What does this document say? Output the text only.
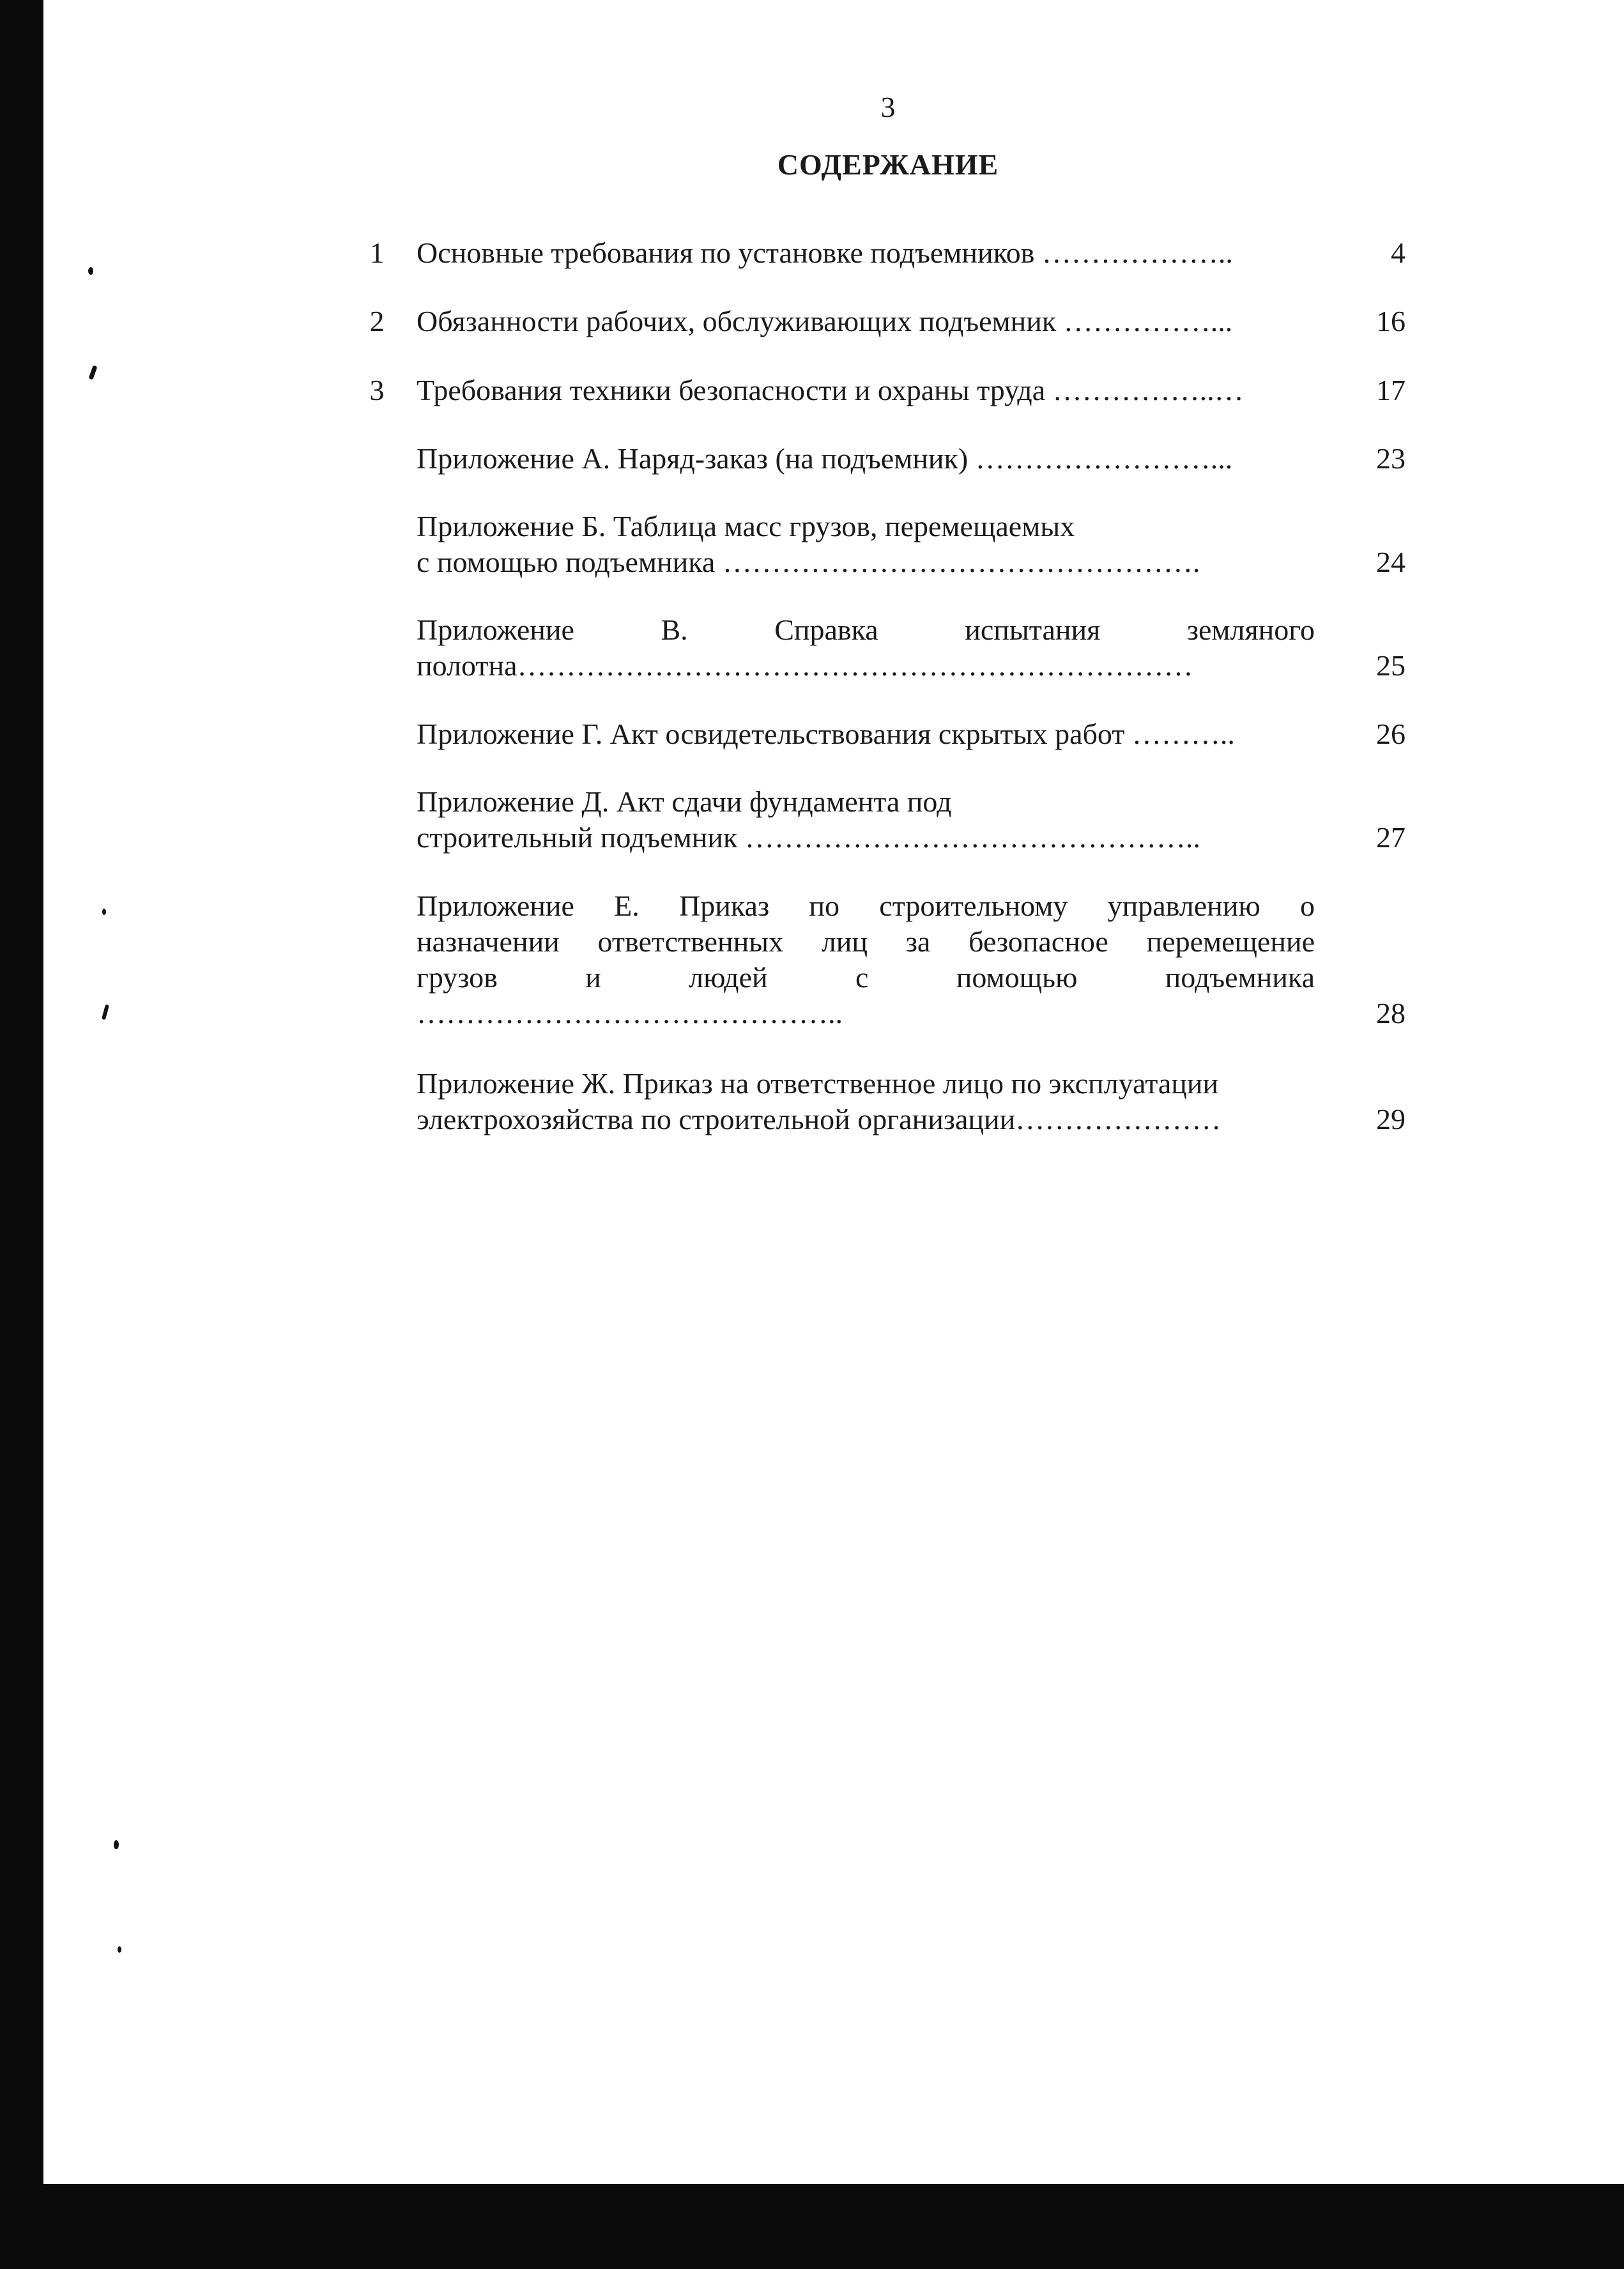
3
СОДЕРЖАНИЕ
1	Основные требования по установке подъемников ………………..	4
2	Обязанности рабочих, обслуживающих подъемник ……………...	16
3	Требования техники безопасности и охраны труда ……………..…	17
Приложение А. Наряд-заказ (на подъемник) ……………………...	23
Приложение Б. Таблица масс грузов, перемещаемых
с помощью подъемника ………………………………………….	24
Приложение В. Справка испытания земляного
полотна……………………………………………………………	25
Приложение Г. Акт освидетельствования скрытых работ ………..	26
Приложение Д. Акт сдачи фундамента под
строительный подъемник ………………………………………..	27
Приложение Е. Приказ по строительному управлению о
назначении ответственных лиц за безопасное перемещение
грузов и людей с помощью подъемника
……………………………………..	28
Приложение Ж. Приказ на ответственное лицо по эксплуатации
электрохозяйства по строительной организации…………………	29
